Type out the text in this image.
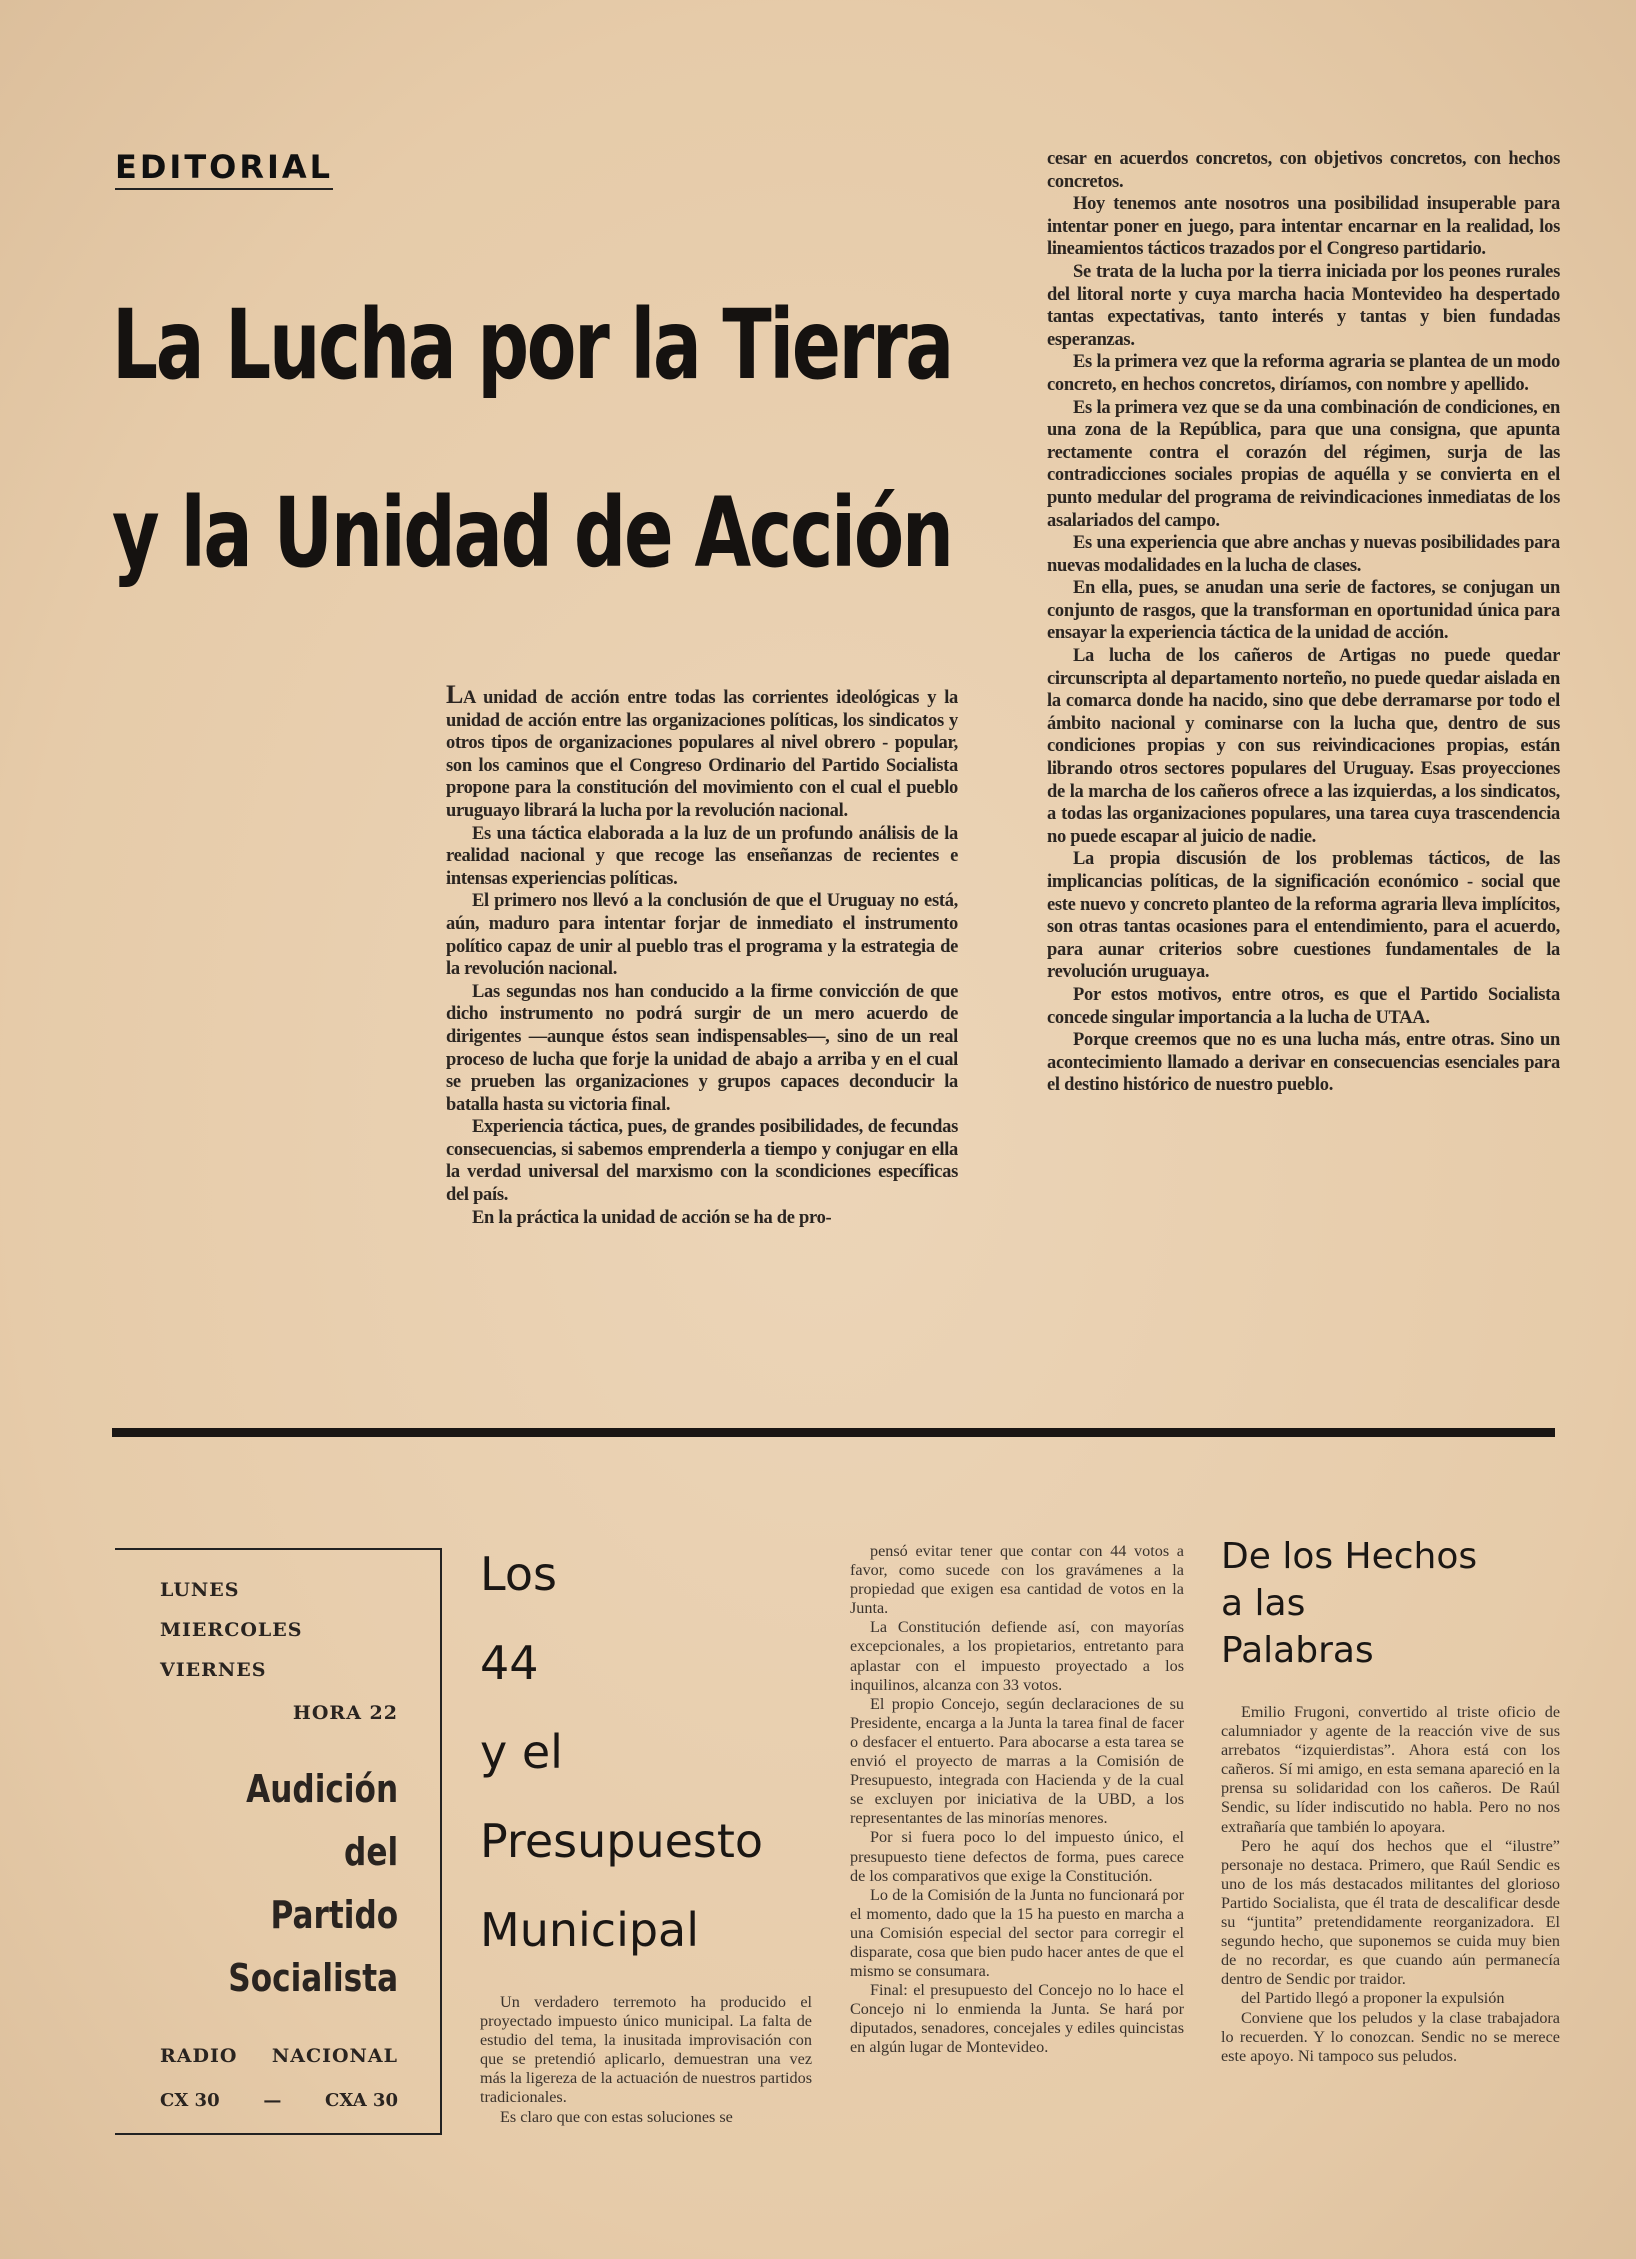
EDITORIAL
La Lucha por la Tierra
y la Unidad de Acción

LA unidad de acción entre todas las corrientes ideológicas y la unidad de acción entre las organizaciones políticas, los sindicatos y otros tipos de organizaciones populares al nivel obrero - popular, son los caminos que el Congreso Ordinario del Partido Socialista propone para la constitución del movimiento con el cual el pueblo uruguayo librará la lucha por la revolución nacional.

Es una táctica elaborada a la luz de un profundo análisis de la realidad nacional y que recoge las enseñanzas de recientes e intensas experiencias políticas.

El primero nos llevó a la conclusión de que el Uruguay no está, aún, maduro para intentar forjar de inmediato el instrumento político capaz de unir al pueblo tras el programa y la estrategia de la revolución nacional.

Las segundas nos han conducido a la firme convicción de que dicho instrumento no podrá surgir de un mero acuerdo de dirigentes —aunque éstos sean indispensables—, sino de un real proceso de lucha que forje la unidad de abajo a arriba y en el cual se prueben las organizaciones y grupos capaces deconducir la batalla hasta su victoria final.

Experiencia táctica, pues, de grandes posibilidades, de fecundas consecuencias, si sabemos emprenderla a tiempo y conjugar en ella la verdad universal del marxismo con la scondiciones específicas del país.

En la práctica la unidad de acción se ha de pro-

cesar en acuerdos concretos, con objetivos concretos, con hechos concretos.

Hoy tenemos ante nosotros una posibilidad insuperable para intentar poner en juego, para intentar encarnar en la realidad, los lineamientos tácticos trazados por el Congreso partidario.

Se trata de la lucha por la tierra iniciada por los peones rurales del litoral norte y cuya marcha hacia Montevideo ha despertado tantas expectativas, tanto interés y tantas y bien fundadas esperanzas.

Es la primera vez que la reforma agraria se plantea de un modo concreto, en hechos concretos, diríamos, con nombre y apellido.

Es la primera vez que se da una combinación de condiciones, en una zona de la República, para que una consigna, que apunta rectamente contra el corazón del régimen, surja de las contradicciones sociales propias de aquélla y se convierta en el punto medular del programa de reivindicaciones inmediatas de los asalariados del campo.

Es una experiencia que abre anchas y nuevas posibilidades para nuevas modalidades en la lucha de clases.

En ella, pues, se anudan una serie de factores, se conjugan un conjunto de rasgos, que la transforman en oportunidad única para ensayar la experiencia táctica de la unidad de acción.

La lucha de los cañeros de Artigas no puede quedar circunscripta al departamento norteño, no puede quedar aislada en la comarca donde ha nacido, sino que debe derramarse por todo el ámbito nacional y cominarse con la lucha que, dentro de sus condiciones propias y con sus reivindicaciones propias, están librando otros sectores populares del Uruguay. Esas proyecciones de la marcha de los cañeros ofrece a las izquierdas, a los sindicatos, a todas las organizaciones populares, una tarea cuya trascendencia no puede escapar al juicio de nadie.

La propia discusión de los problemas tácticos, de las implicancias políticas, de la significación económico - social que este nuevo y concreto planteo de la reforma agraria lleva implícitos, son otras tantas ocasiones para el entendimiento, para el acuerdo, para aunar criterios sobre cuestiones fundamentales de la revolución uruguaya.

Por estos motivos, entre otros, es que el Partido Socialista concede singular importancia a la lucha de UTAA.

Porque creemos que no es una lucha más, entre otras. Sino un acontecimiento llamado a derivar en consecuencias esenciales para el destino histórico de nuestro pueblo.

LUNES
MIERCOLES
VIERNES
HORA 22
Audición
del
Partido
Socialista
RADIO NACIONAL
CX 30 — CXA 30
Los
44
y el
Presupuesto
Municipal

Un verdadero terremoto ha producido el proyectado impuesto único municipal. La falta de estudio del tema, la inusitada improvisación con que se pretendió aplicarlo, demuestran una vez más la ligereza de la actuación de nuestros partidos tradicionales.

Es claro que con estas soluciones se

pensó evitar tener que contar con 44 votos a favor, como sucede con los gravámenes a la propiedad que exigen esa cantidad de votos en la Junta.

La Constitución defiende así, con mayorías excepcionales, a los propietarios, entretanto para aplastar con el impuesto proyectado a los inquilinos, alcanza con 33 votos.

El propio Concejo, según declaraciones de su Presidente, encarga a la Junta la tarea final de facer o desfacer el entuerto. Para abocarse a esta tarea se envió el proyecto de marras a la Comisión de Presupuesto, integrada con Hacienda y de la cual se excluyen por iniciativa de la UBD, a los representantes de las minorías menores.

Por si fuera poco lo del impuesto único, el presupuesto tiene defectos de forma, pues carece de los comparativos que exige la Constitución.

Lo de la Comisión de la Junta no funcionará por el momento, dado que la 15 ha puesto en marcha a una Comisión especial del sector para corregir el disparate, cosa que bien pudo hacer antes de que el mismo se consumara.

Final: el presupuesto del Concejo no lo hace el Concejo ni lo enmienda la Junta. Se hará por diputados, senadores, concejales y ediles quincistas en algún lugar de Montevideo.

De los Hechos
a las
Palabras

Emilio Frugoni, convertido al triste oficio de calumniador y agente de la reacción vive de sus arrebatos “izquierdistas”. Ahora está con los cañeros. Sí mi amigo, en esta semana apareció en la prensa su solidaridad con los cañeros. De Raúl Sendic, su líder indiscutido no habla. Pero no nos extrañaría que también lo apoyara.

Pero he aquí dos hechos que el “ilustre” personaje no destaca. Primero, que Raúl Sendic es uno de los más destacados militantes del glorioso Partido Socialista, que él trata de descalificar desde su “juntita” pretendidamente reorganizadora. El segundo hecho, que suponemos se cuida muy bien de no recordar, es que cuando aún permanecía dentro de Sendic por traidor.

del Partido llegó a proponer la expulsión

Conviene que los peludos y la clase trabajadora lo recuerden. Y lo conozcan. Sendic no se merece este apoyo. Ni tampoco sus peludos.
